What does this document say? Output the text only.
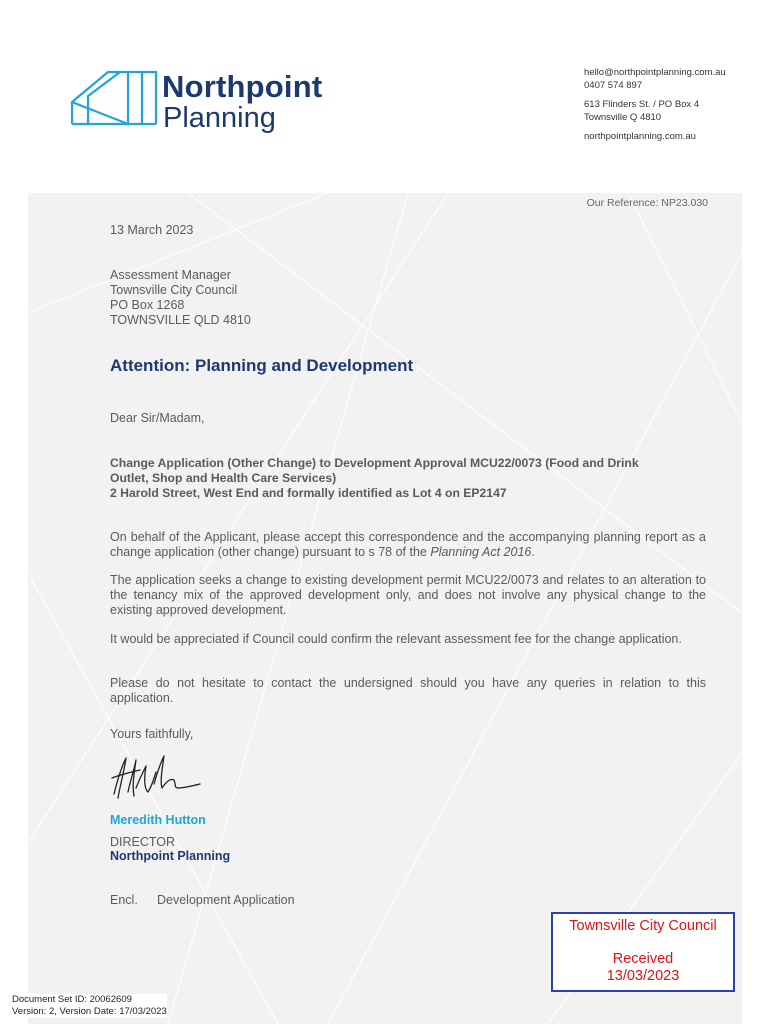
Northpoint
Planning
hello@northpointplanning.com.au
0407 574 897
613 Flinders St. / PO Box 4
Townsville Q 4810
northpointplanning.com.au
Our Reference: NP23.030
13 March 2023
Assessment Manager
Townsville City Council
PO Box 1268
TOWNSVILLE QLD 4810
Attention: Planning and Development
Dear Sir/Madam,
Change Application (Other Change) to Development Approval MCU22/0073 (Food and Drink
Outlet, Shop and Health Care Services)
2 Harold Street, West End and formally identified as Lot 4 on EP2147
On behalf of the Applicant, please accept this correspondence and the accompanying planning report as a change application (other change) pursuant to s 78 of the Planning Act 2016.
The application seeks a change to existing development permit MCU22/0073 and relates to an alteration to the tenancy mix of the approved development only, and does not involve any physical change to the existing approved development.
It would be appreciated if Council could confirm the relevant assessment fee for the change application.
Please do not hesitate to contact the undersigned should you have any queries in relation to this application.
Yours faithfully,
Meredith Hutton
DIRECTOR
Northpoint Planning
Encl. Development Application
Townsville City Council
Received
13/03/2023
Document Set ID: 20062609
Version: 2, Version Date: 17/03/2023
